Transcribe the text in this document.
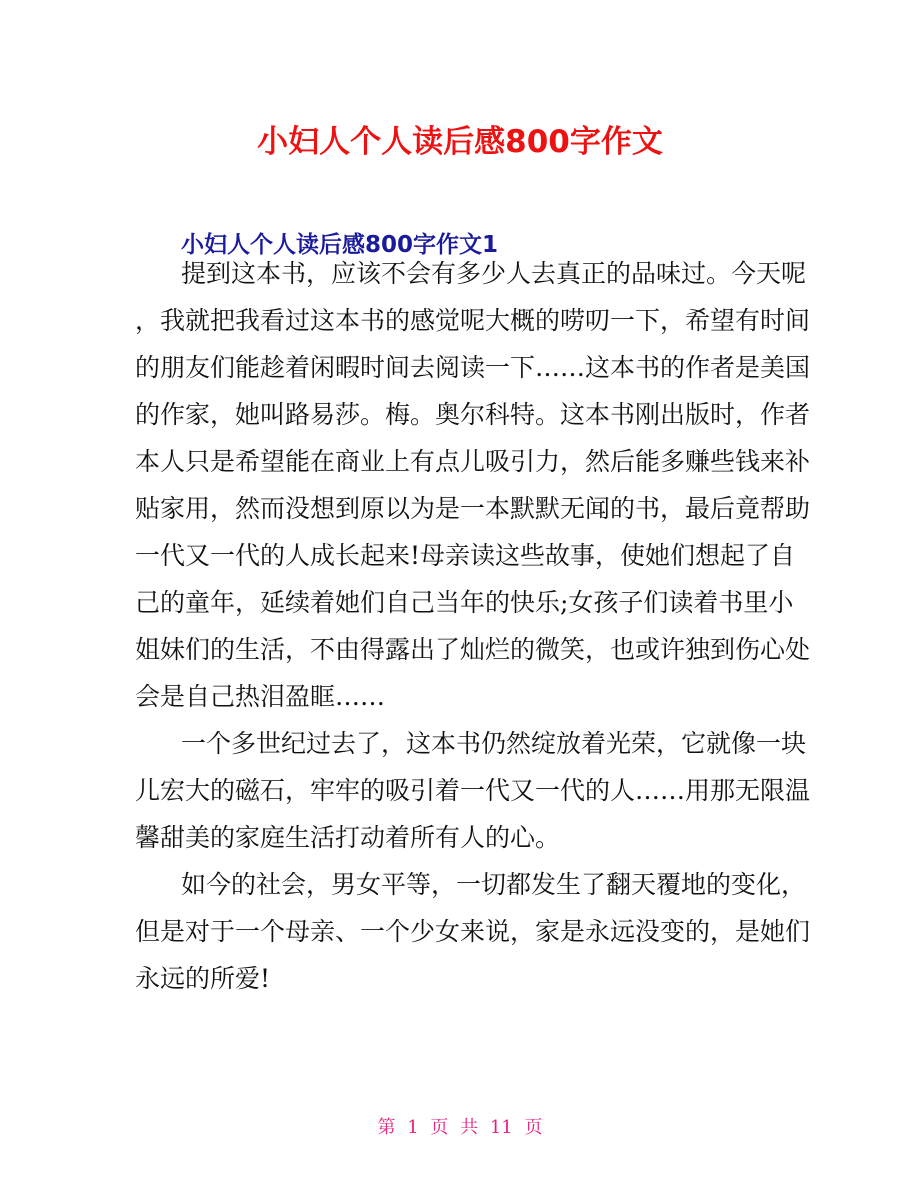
小妇人个人读后感800字作文
小妇人个人读后感800字作文1
提到这本书，应该不会有多少人去真正的品味过。今天呢
，我就把我看过这本书的感觉呢大概的唠叨一下，希望有时间
的朋友们能趁着闲暇时间去阅读一下……这本书的作者是美国
的作家，她叫路易莎。梅。奥尔科特。这本书刚出版时，作者
本人只是希望能在商业上有点儿吸引力，然后能多赚些钱来补
贴家用，然而没想到原以为是一本默默无闻的书，最后竟帮助
一代又一代的人成长起来!母亲读这些故事，使她们想起了自
己的童年，延续着她们自己当年的快乐;女孩子们读着书里小
姐妹们的生活，不由得露出了灿烂的微笑，也或许独到伤心处
会是自己热泪盈眶……
一个多世纪过去了，这本书仍然绽放着光荣，它就像一块
儿宏大的磁石，牢牢的吸引着一代又一代的人……用那无限温
馨甜美的家庭生活打动着所有人的心。
如今的社会，男女平等，一切都发生了翻天覆地的变化，
但是对于一个母亲、一个少女来说，家是永远没变的，是她们
永远的所爱!
第 1 页 共 11 页
